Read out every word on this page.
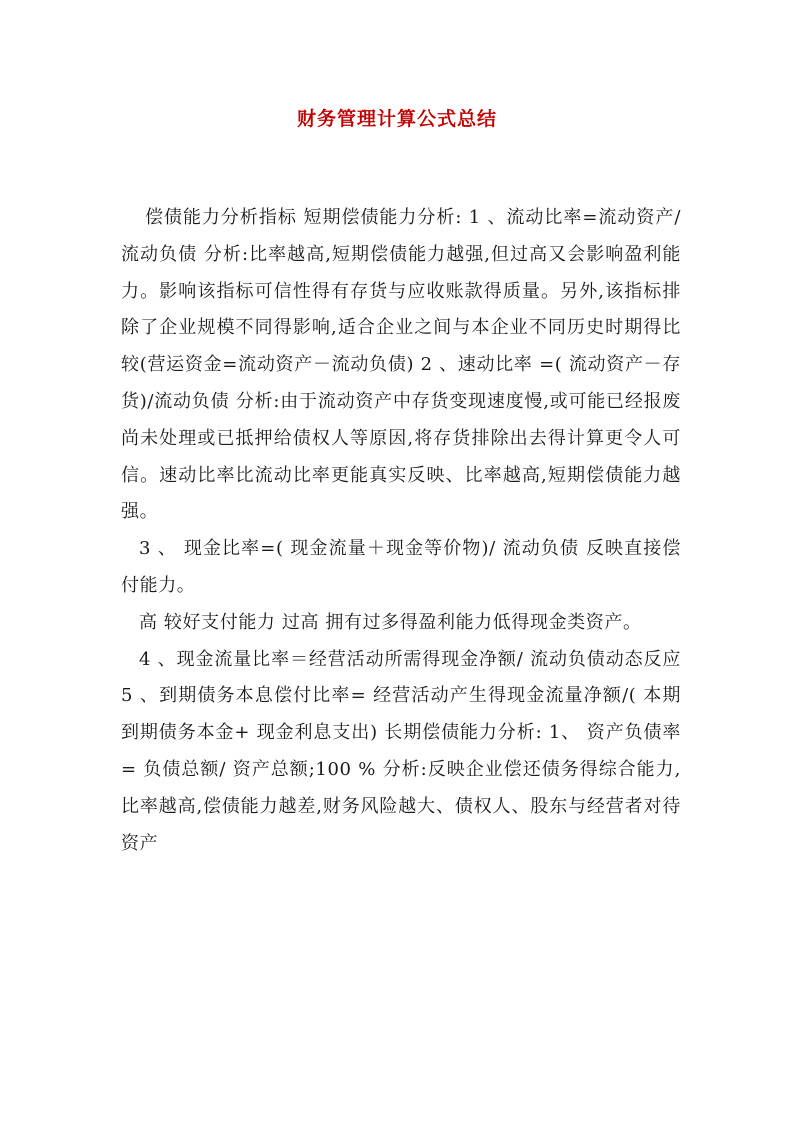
财务管理计算公式总结

偿债能力分析指标 短期偿债能力分析: 1 、流动比率=流动资产/ 流动负债 分析:比率越高,短期偿债能力越强,但过高又会影响盈利能力。影响该指标可信性得有存货与应收账款得质量。另外,该指标排除了企业规模不同得影响,适合企业之间与本企业不同历史时期得比较(营运资金=流动资产－流动负债) 2 、速动比率 =( 流动资产－存货)/流动负债 分析:由于流动资产中存货变现速度慢,或可能已经报废尚未处理或已抵押给债权人等原因,将存货排除出去得计算更令人可信。速动比率比流动比率更能真实反映、比率越高,短期偿债能力越强。

3 、 现金比率=( 现金流量＋现金等价物)/ 流动负债 反映直接偿付能力。

高 较好支付能力 过高 拥有过多得盈利能力低得现金类资产。

4 、现金流量比率＝经营活动所需得现金净额/ 流动负债动态反应 5 、到期债务本息偿付比率= 经营活动产生得现金流量净额/( 本期到期债务本金+ 现金利息支出) 长期偿债能力分析: 1、 资产负债率= 负债总额/ 资产总额;100 % 分析:反映企业偿还债务得综合能力,比率越高,偿债能力越差,财务风险越大、债权人、股东与经营者对待资产
